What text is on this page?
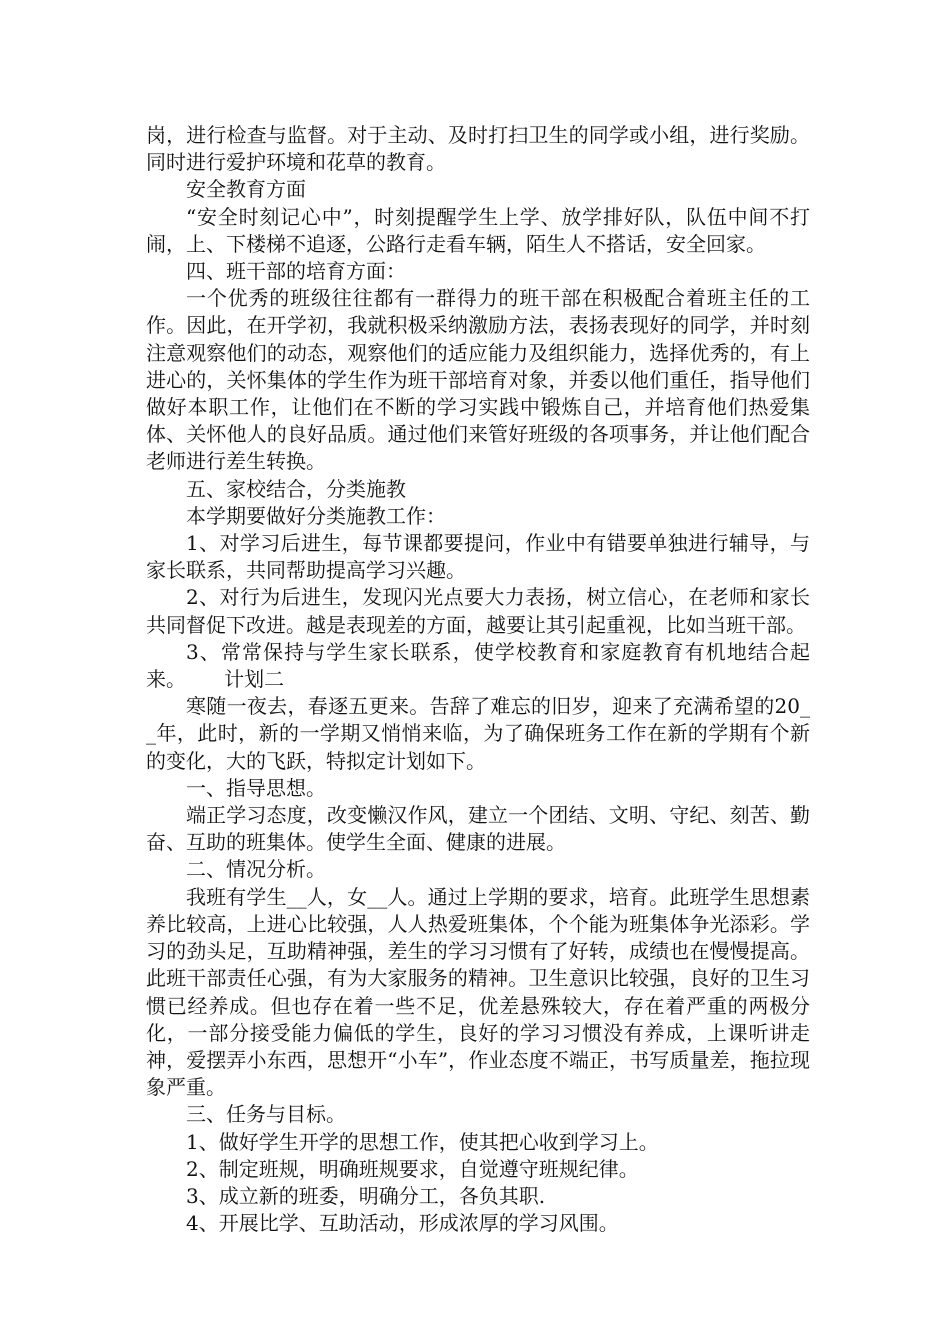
岗，进行检查与监督。对于主动、及时打扫卫生的同学或小组，进行奖励。同时进行爱护环境和花草的教育。

安全教育方面

“安全时刻记心中”，时刻提醒学生上学、放学排好队，队伍中间不打闹，上、下楼梯不追逐，公路行走看车辆，陌生人不搭话，安全回家。

四、班干部的培育方面：

一个优秀的班级往往都有一群得力的班干部在积极配合着班主任的工作。因此，在开学初，我就积极采纳激励方法，表扬表现好的同学，并时刻注意观察他们的动态，观察他们的适应能力及组织能力，选择优秀的，有上进心的，关怀集体的学生作为班干部培育对象，并委以他们重任，指导他们做好本职工作，让他们在不断的学习实践中锻炼自己，并培育他们热爱集体、关怀他人的良好品质。通过他们来管好班级的各项事务，并让他们配合老师进行差生转换。

五、家校结合，分类施教

本学期要做好分类施教工作：

1、对学习后进生，每节课都要提问，作业中有错要单独进行辅导，与家长联系，共同帮助提高学习兴趣。

2、对行为后进生，发现闪光点要大力表扬，树立信心，在老师和家长共同督促下改进。越是表现差的方面，越要让其引起重视，比如当班干部。

3、常常保持与学生家长联系，使学校教育和家庭教育有机地结合起来。      计划二

寒随一夜去，春逐五更来。告辞了难忘的旧岁，迎来了充满希望的20__年，此时，新的一学期又悄悄来临，为了确保班务工作在新的学期有个新的变化，大的飞跃，特拟定计划如下。

一、指导思想。

端正学习态度，改变懒汉作风，建立一个团结、文明、守纪、刻苦、勤奋、互助的班集体。使学生全面、健康的进展。

二、情况分析。

我班有学生__人，女__人。通过上学期的要求，培育。此班学生思想素养比较高，上进心比较强，人人热爱班集体，个个能为班集体争光添彩。学习的劲头足，互助精神强，差生的学习习惯有了好转，成绩也在慢慢提高。此班干部责任心强，有为大家服务的精神。卫生意识比较强，良好的卫生习惯已经养成。但也存在着一些不足，优差悬殊较大，存在着严重的两极分化，一部分接受能力偏低的学生，良好的学习习惯没有养成，上课听讲走神，爱摆弄小东西，思想开“小车”，作业态度不端正，书写质量差，拖拉现象严重。

三、任务与目标。

1、做好学生开学的思想工作，使其把心收到学习上。

2、制定班规，明确班规要求，自觉遵守班规纪律。

3、成立新的班委，明确分工，各负其职.

4、开展比学、互助活动，形成浓厚的学习风围。
